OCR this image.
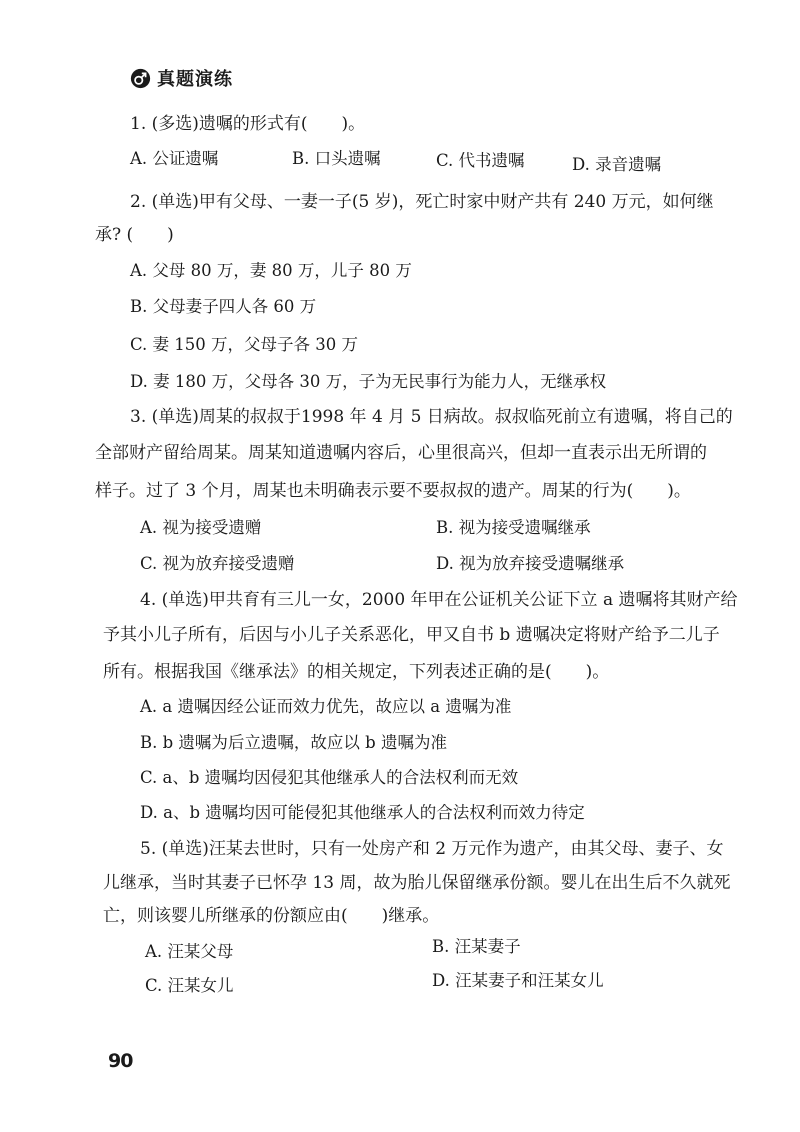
真题演练
1. (多选)遗嘱的形式有(　　)。
A. 公证遗嘱	B. 口头遗嘱	C. 代书遗嘱	D. 录音遗嘱
2. (单选)甲有父母、一妻一子(5 岁)，死亡时家中财产共有 240 万元，如何继
承? (　　)
A. 父母 80 万，妻 80 万，儿子 80 万
B. 父母妻子四人各 60 万
C. 妻 150 万，父母子各 30 万
D. 妻 180 万，父母各 30 万，子为无民事行为能力人，无继承权
3. (单选)周某的叔叔于1998 年 4 月 5 日病故。叔叔临死前立有遗嘱，将自己的
全部财产留给周某。周某知道遗嘱内容后，心里很高兴，但却一直表示出无所谓的
样子。过了 3 个月，周某也未明确表示要不要叔叔的遗产。周某的行为(　　)。
A. 视为接受遗赠	B. 视为接受遗嘱继承
C. 视为放弃接受遗赠	D. 视为放弃接受遗嘱继承
4. (单选)甲共育有三儿一女，2000 年甲在公证机关公证下立 a 遗嘱将其财产给
予其小儿子所有，后因与小儿子关系恶化，甲又自书 b 遗嘱决定将财产给予二儿子
所有。根据我国《继承法》的相关规定，下列表述正确的是(　　)。
A. a 遗嘱因经公证而效力优先，故应以 a 遗嘱为准
B. b 遗嘱为后立遗嘱，故应以 b 遗嘱为准
C. a、b 遗嘱均因侵犯其他继承人的合法权利而无效
D. a、b 遗嘱均因可能侵犯其他继承人的合法权利而效力待定
5. (单选)汪某去世时，只有一处房产和 2 万元作为遗产，由其父母、妻子、女
儿继承，当时其妻子已怀孕 13 周，故为胎儿保留继承份额。婴儿在出生后不久就死
亡，则该婴儿所继承的份额应由(　　)继承。
A. 汪某父母	B. 汪某妻子
C. 汪某女儿	D. 汪某妻子和汪某女儿
90
